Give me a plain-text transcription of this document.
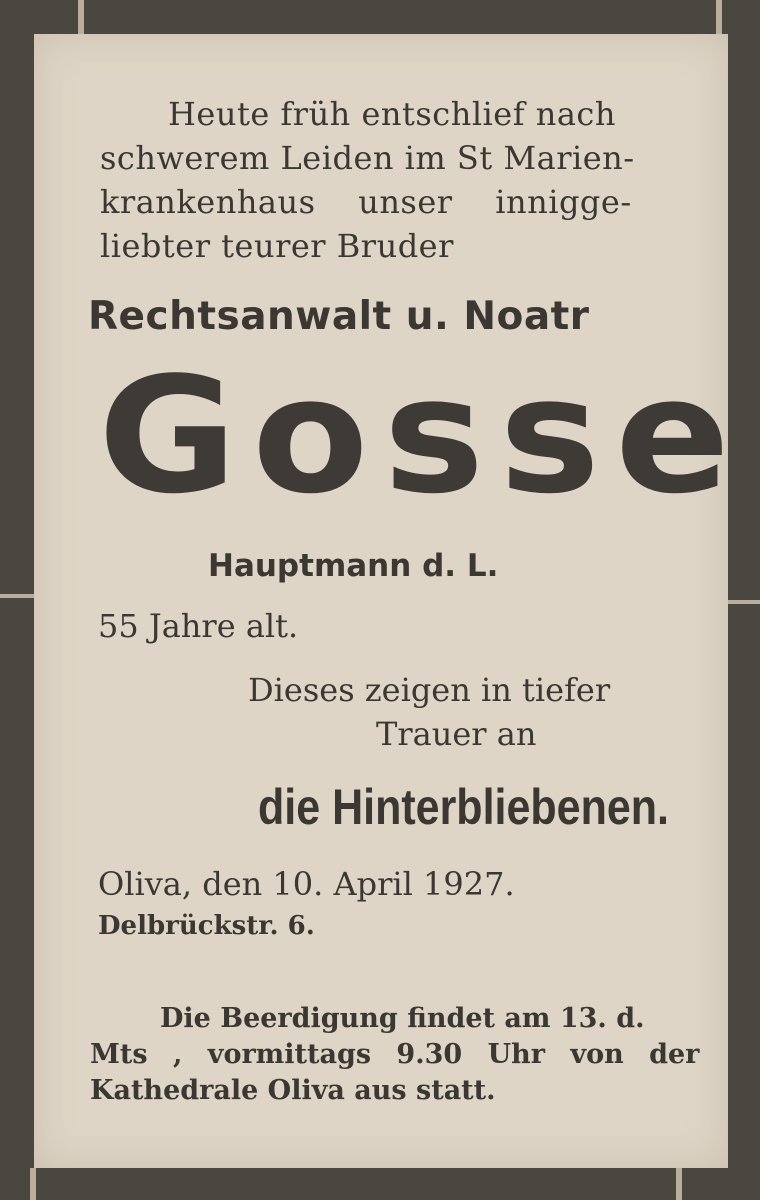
Heute früh entschlief nach

schwerem Leiden im St Marien-

krankenhaus unser innigge-

liebter teurer Bruder

Rechtsanwalt u. Noatr

Gosse

Hauptmann d. L.

55 Jahre alt.

Dieses zeigen in tiefer

Trauer an

die Hinterbliebenen.

Oliva, den 10. April 1927.

Delbrückstr. 6.

Die Beerdigung findet am 13. d.

Mts , vormittags 9.30 Uhr von der

Kathedrale Oliva aus statt.
